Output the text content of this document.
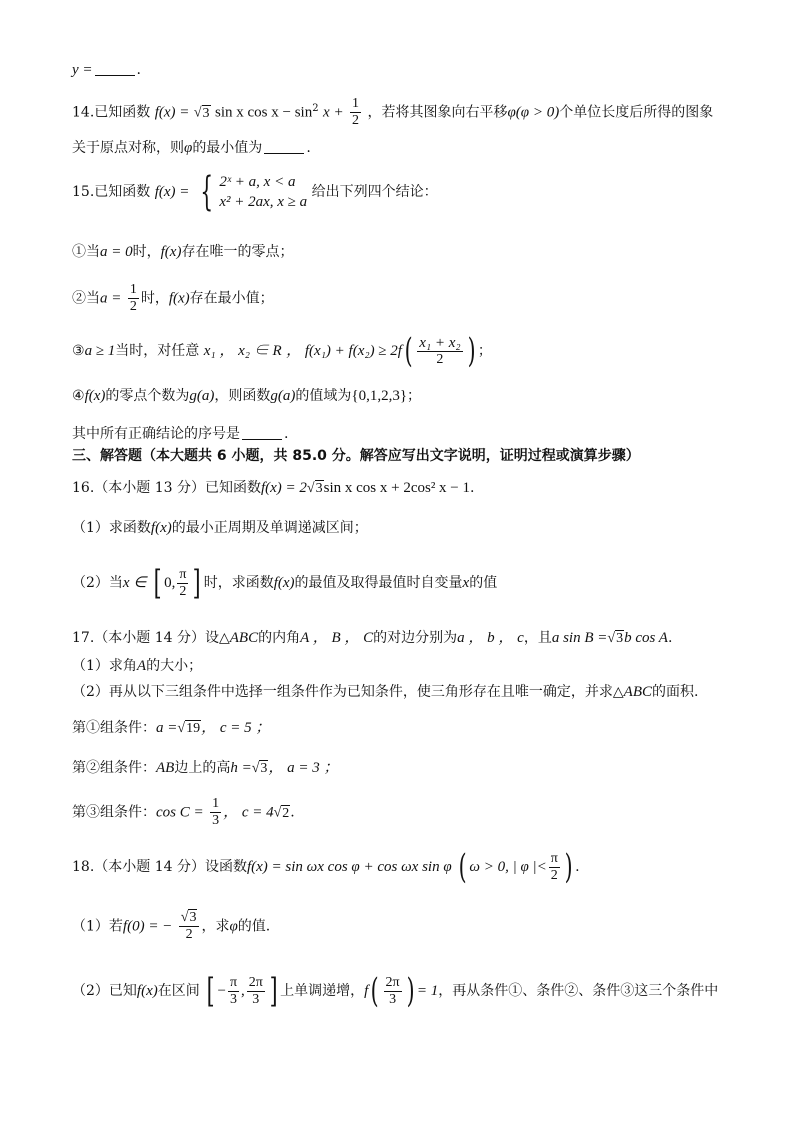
y =	.
14.已知函数 f(x) = √3 sin x $\cos x - \sin^2 x + \frac{1}{2}$ ，若将其图象向右平移φ(φ > 0)个单位长度后所得的图象
关于原点对称，则φ的最小值为	.
15.已知函数 f(x) = { 2ˣ + a, x < a
x² + 2ax, x ≥ a
给出下列四个结论：
①当a = 0时，f(x)存在唯一的零点；
②当$a = \frac{1}{2}$ 时，f(x)存在最小值；
③a ≥ 1当时，对任意 x₁ ， x₂ ∈ R ， $f(x_1) + f(x_2) \ge 2f( \frac{\text{x₁ + x₂}}{2}$ ) ；
④f(x)的零点个数为g(a)，则函数g(a)的值域为{0,1,2,3}；
其中所有正确结论的序号是	.
三、解答题（本大题共 6 小题，共 85.0 分。解答应写出文字说明，证明过程或演算步骤）
16.（本小题 13 分）已知函数f(x) = 2√3sin x cos x + 2cos² x − 1.
（1）求函数f(x)的最小正周期及单调递减区间；
（2）当x ∈ [ 0, $\frac{\pi}{2}$ ] 时，求函数f(x)的最值及取得最值时自变量x的值
17.（本小题 14 分）设△ABC的内角A ， B ， C的对边分别为a ， b ， c，且a sin B =√3b cos A.
（1）求角A的大小；
（2）再从以下三组条件中选择一组条件作为已知条件，使三角形存在且唯一确定，并求△ABC的面积.
第①组条件：a =√19， c = 5 ；
第②组条件：AB边上的高h =√3， a = 3 ；
第③组条件：$\cos C = \frac{1}{3}$ ， c = 4√2.
18.（本小题 14 分）设函数f(x) = sin ωx cos φ + cos ωx sin φ ( ω > 0, | φ |< $\frac{\pi}{2}$ ) .
（1）若f(0) = − $\frac{√3}{2}$ ，求φ的值.
（2）已知f(x)在区间 [ − $\frac{\pi}{3}$ , $\frac{2\pi}{3}$ ] 上单调递增，$f( \frac{2\pi}{3}$ ) = 1，再从条件①、条件②、条件③这三个条件中
